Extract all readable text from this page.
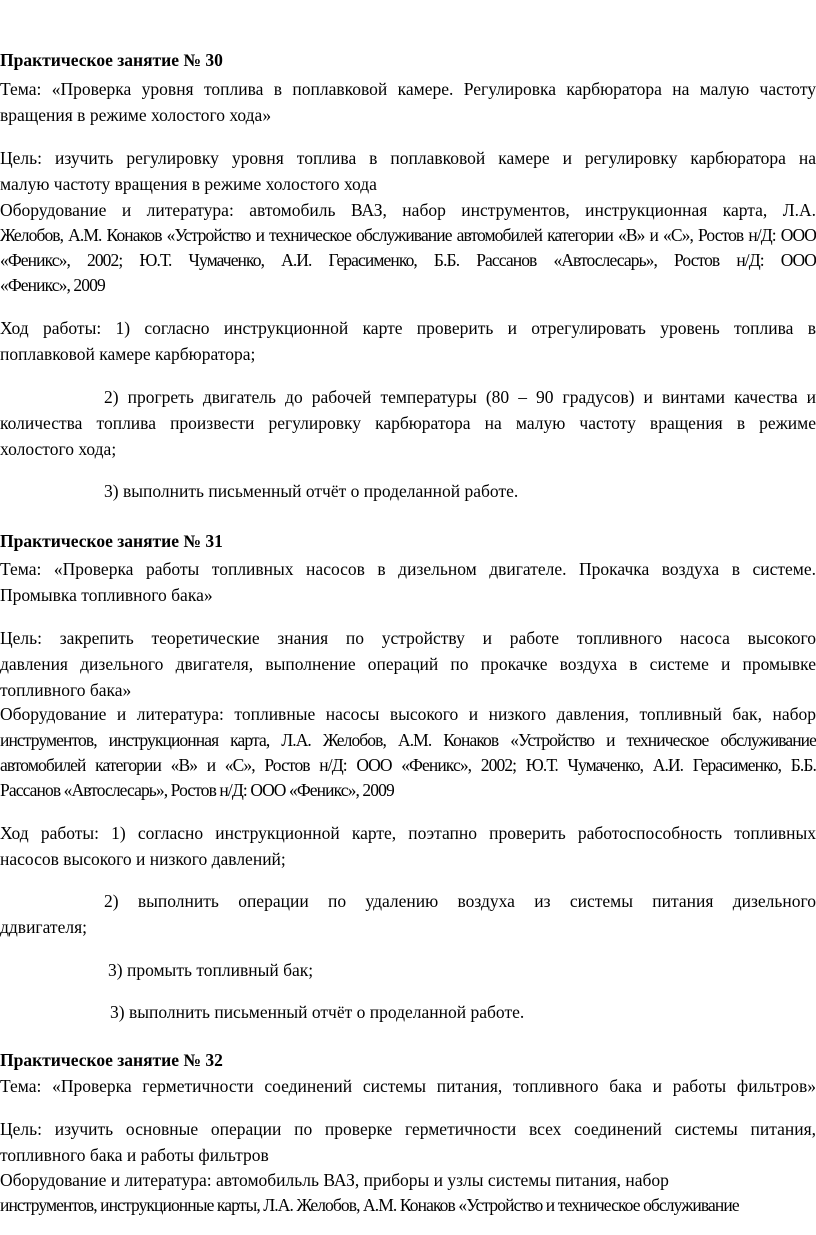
Практическое занятие № 30
Тема: «Проверка уровня топлива в поплавковой камере. Регулировка карбюратора на малую частоту
вращения в режиме холостого хода»
Цель: изучить регулировку уровня топлива в поплавковой камере и регулировку карбюратора на
малую частоту вращения в режиме холостого хода
Оборудование и литература: автомобиль ВАЗ, набор инструментов, инструкционная карта, Л.А.
Желобов, А.М. Конаков «Устройство и техническое обслуживание автомобилей категории «В» и «С», Ростов н/Д: ООО
«Феникс», 2002; Ю.Т. Чумаченко, А.И. Герасименко, Б.Б. Рассанов «Автослесарь», Ростов н/Д: ООО
«Феникс», 2009
Ход работы: 1) согласно инструкционной карте проверить и отрегулировать уровень топлива в
поплавковой камере карбюратора;
2) прогреть двигатель до рабочей температуры (80 – 90 градусов) и винтами качества и
количества топлива произвести регулировку карбюратора на малую частоту вращения в режиме
холостого хода;
3) выполнить письменный отчёт о проделанной работе.
Практическое занятие № 31
Тема: «Проверка работы топливных насосов в дизельном двигателе. Прокачка воздуха в системе.
Промывка топливного бака»
Цель: закрепить теоретические знания по устройству и работе топливного насоса высокого
давления дизельного двигателя, выполнение операций по прокачке воздуха в системе и промывке
топливного бака»
Оборудование и литература: топливные насосы высокого и низкого давления, топливный бак, набор
инструментов, инструкционная карта, Л.А. Желобов, А.М. Конаков «Устройство и техническое обслуживание
автомобилей категории «В» и «С», Ростов н/Д: ООО «Феникс», 2002; Ю.Т. Чумаченко, А.И. Герасименко, Б.Б.
Рассанов «Автослесарь», Ростов н/Д: ООО «Феникс», 2009
Ход работы: 1) согласно инструкционной карте, поэтапно проверить работоспособность топливных
насосов высокого и низкого давлений;
2) выполнить операции по удалению воздуха из системы питания дизельного
ддвигателя;
3) промыть топливный бак;
3) выполнить письменный отчёт о проделанной работе.
Практическое занятие № 32
Тема: «Проверка герметичности соединений системы питания, топливного бака и работы фильтров»
Цель: изучить основные операции по проверке герметичности всех соединений системы питания,
топливного бака и работы фильтров
Оборудование и литература: автомобильль ВАЗ, приборы и узлы системы питания, набор
инструментов, инструкционные карты, Л.А. Желобов, А.М. Конаков «Устройство и техническое обслуживание
